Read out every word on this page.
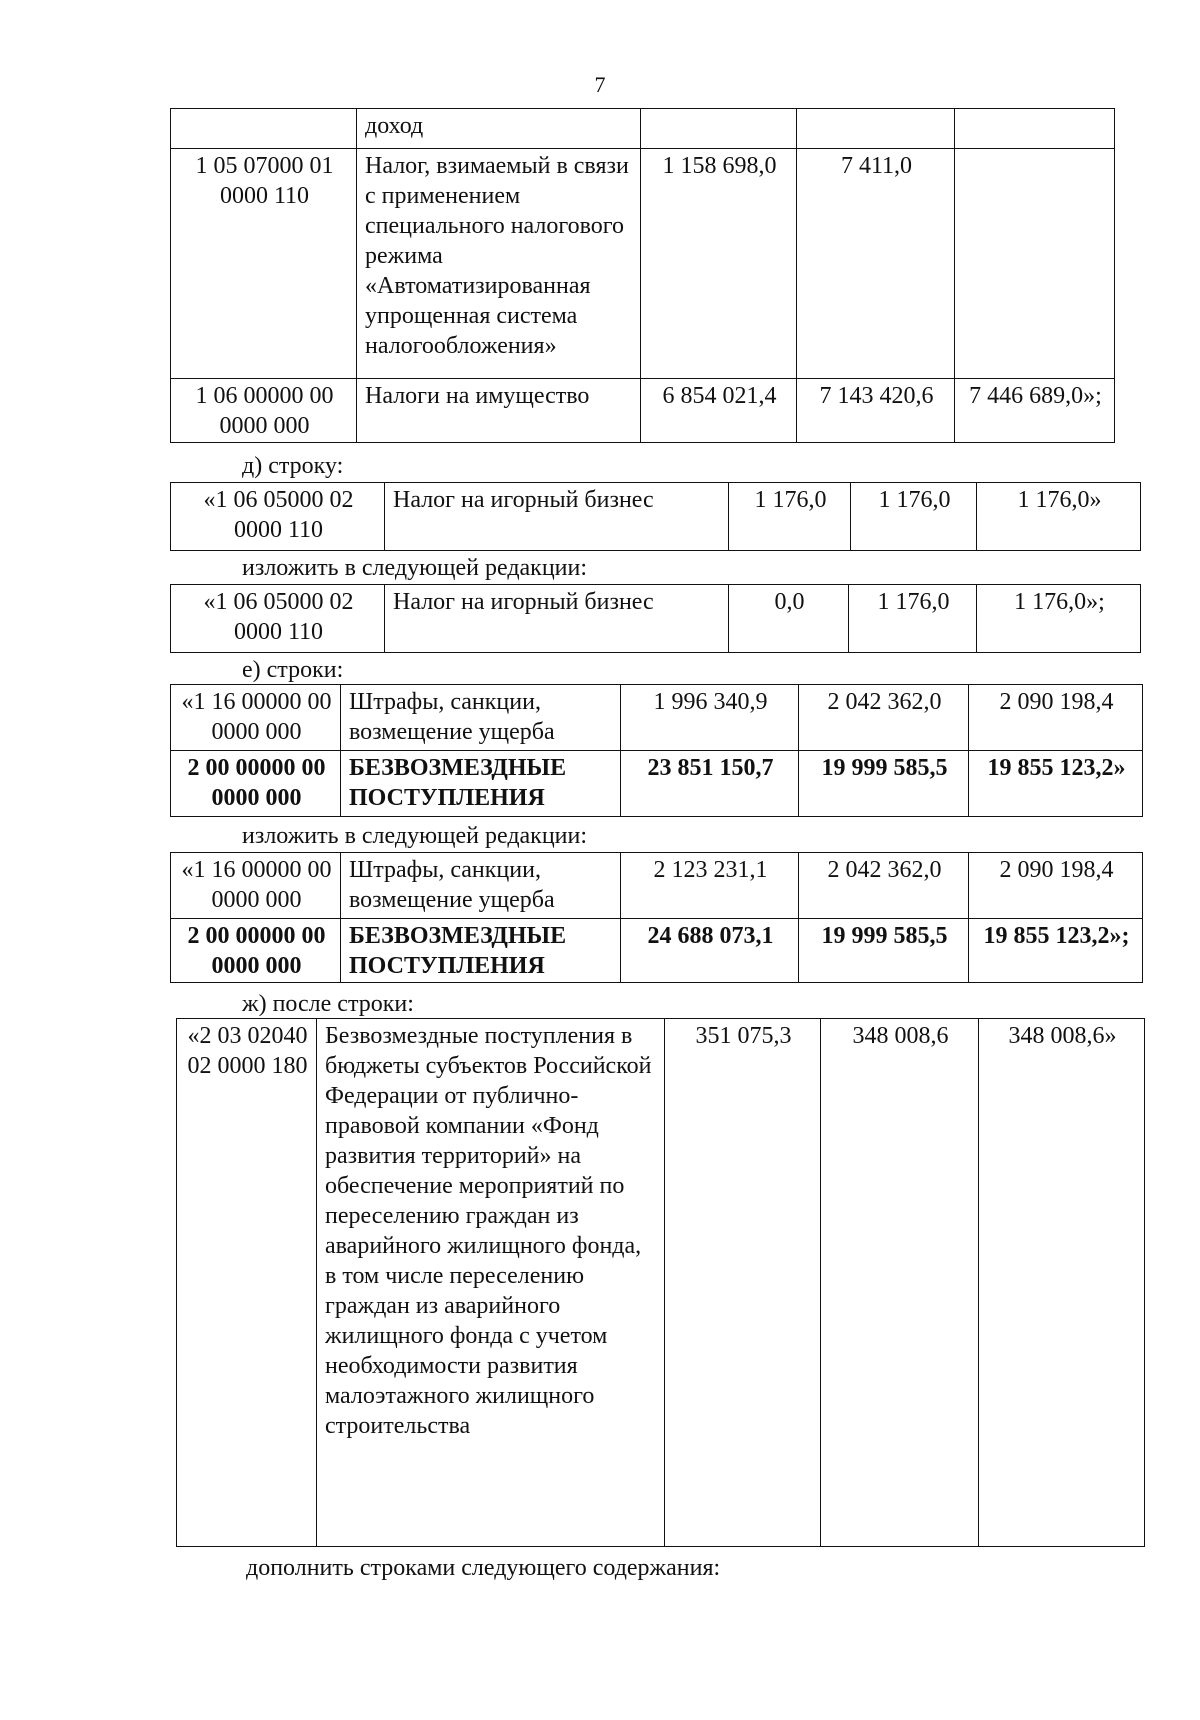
7
	доход			
1 05 07000 01 0000 110	Налог, взимаемый в связи с применением специального налогового режима «Автоматизированная упрощенная система налогообложения»	1 158 698,0	7 411,0	
1 06 00000 00 0000 000	Налоги на имущество	6 854 021,4	7 143 420,6	7 446 689,0»;
д) строку:
«1 06 05000 02 0000 110	Налог на игорный бизнес	1 176,0	1 176,0	1 176,0»
изложить в следующей редакции:
«1 06 05000 02 0000 110	Налог на игорный бизнес	0,0	1 176,0	1 176,0»;
е) строки:
«1 16 00000 00 0000 000	Штрафы, санкции, возмещение ущерба	1 996 340,9	2 042 362,0	2 090 198,4
2 00 00000 00 0000 000	БЕЗВОЗМЕЗДНЫЕ ПОСТУПЛЕНИЯ	23 851 150,7	19 999 585,5	19 855 123,2»
изложить в следующей редакции:
«1 16 00000 00 0000 000	Штрафы, санкции, возмещение ущерба	2 123 231,1	2 042 362,0	2 090 198,4
2 00 00000 00 0000 000	БЕЗВОЗМЕЗДНЫЕ ПОСТУПЛЕНИЯ	24 688 073,1	19 999 585,5	19 855 123,2»;
ж) после строки:
«2 03 02040 02 0000 180	Безвозмездные поступления в бюджеты субъектов Российской Федерации от публично-правовой компании «Фонд развития территорий» на обеспечение мероприятий по переселению граждан из аварийного жилищного фонда, в том числе переселению граждан из аварийного жилищного фонда с учетом необходимости развития малоэтажного жилищного строительства	351 075,3	348 008,6	348 008,6»
дополнить строками следующего содержания:
